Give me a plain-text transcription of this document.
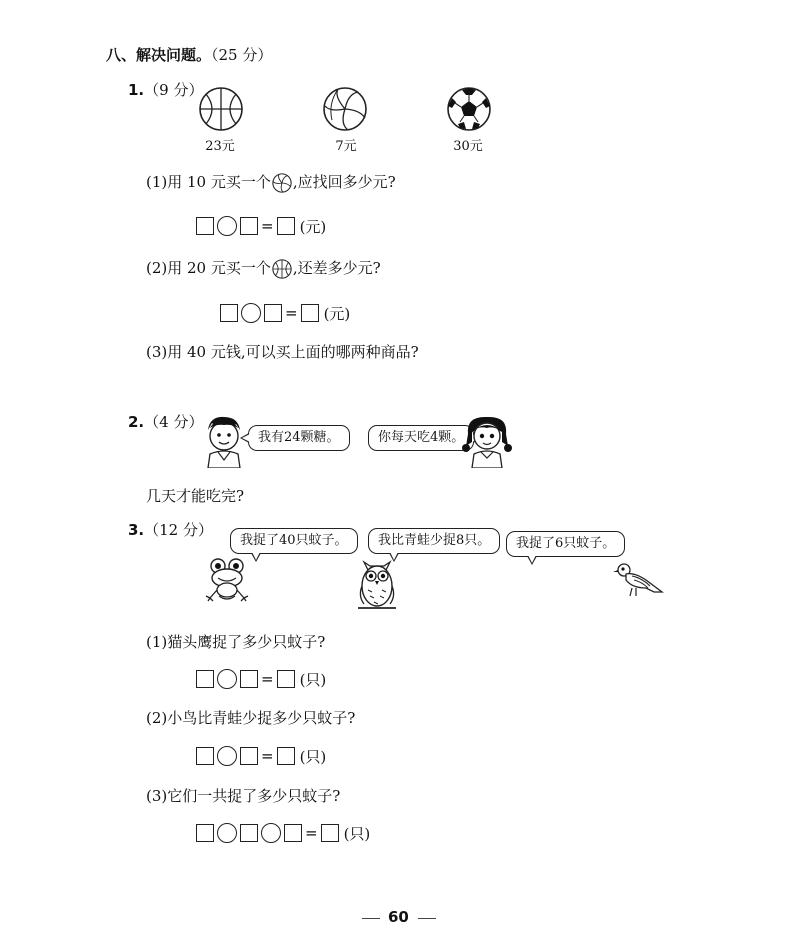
八、解决问题。（25 分）
1.（9 分）
23元	7元	30元
(1)用 10 元买一个 ,应找回多少元?
= (元)
(2)用 20 元买一个 ,还差多少元?
= (元)
(3)用 40 元钱,可以买上面的哪两种商品?
2.（4 分）
我有24颗糖。	你每天吃4颗。
几天才能吃完?
3.（12 分）
我捉了40只蚊子。	我比青蛙少捉8只。	我捉了6只蚊子。
(1)猫头鹰捉了多少只蚊子?
= (只)
(2)小鸟比青蛙少捉多少只蚊子?
= (只)
(3)它们一共捉了多少只蚊子?
= (只)
60
